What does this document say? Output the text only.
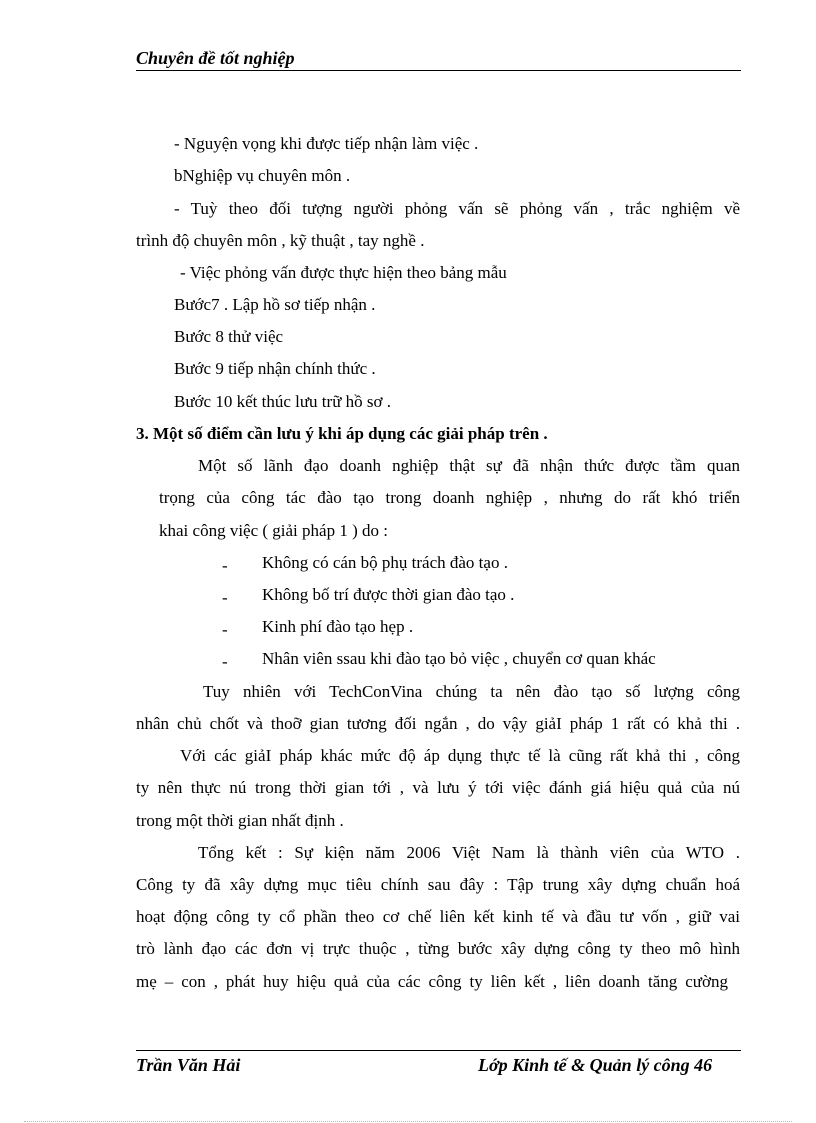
Chuyên đề tốt nghiệp
- Nguyện vọng khi được tiếp nhận làm việc .
bNghiệp vụ chuyên môn .
- Tuỳ theo đối tượng người phỏng vấn sẽ phỏng vấn , trắc nghiệm về
trình độ chuyên môn , kỹ thuật , tay nghề .
- Việc phỏng vấn được thực hiện theo bảng mẫu
Bước7 . Lập hồ sơ tiếp nhận .
Bước 8 thử việc
Bước 9 tiếp nhận chính thức .
Bước 10 kết thúc lưu trữ hồ sơ .
3. Một số điểm cần lưu ý khi áp dụng các giải pháp trên .
Một số lãnh đạo doanh nghiệp thật sự đã nhận thức được tầm quan
trọng của công tác đào tạo trong doanh nghiệp , nhưng do rất khó triển
khai công việc ( giải pháp 1 ) do :
- Không có cán bộ phụ trách đào tạo .
- Không bố trí được thời gian đào tạo .
- Kinh phí đào tạo hẹp .
- Nhân viên ssau khi đào tạo bỏ việc , chuyển cơ quan khác
Tuy nhiên với TechConVina chúng ta nên đào tạo số lượng công
nhân chủ chốt và thoỡ gian tương đối ngắn , do vậy giảI pháp 1 rất có khả thi .
Với các giảI pháp khác mức độ áp dụng thực tế là cũng rất khả thi , công
ty nên thực nú trong thời gian tới , và lưu ý tới việc đánh giá hiệu quả của nú
trong một thời gian nhất định .
Tổng kết : Sự kiện năm 2006 Việt Nam là thành viên của WTO .
Công ty đã xây dựng mục tiêu chính sau đây : Tập trung xây dựng chuẩn hoá
hoạt động công ty cổ phần theo cơ chế liên kết kinh tế và đầu tư vốn , giữ vai
trò lành đạo các đơn vị trực thuộc , từng bước xây dựng công ty theo mô hình
mẹ – con , phát huy hiệu quả của các công ty liên kết , liên doanh tăng cường
Trần Văn Hải	Lớp Kinh tế & Quản lý công 46
